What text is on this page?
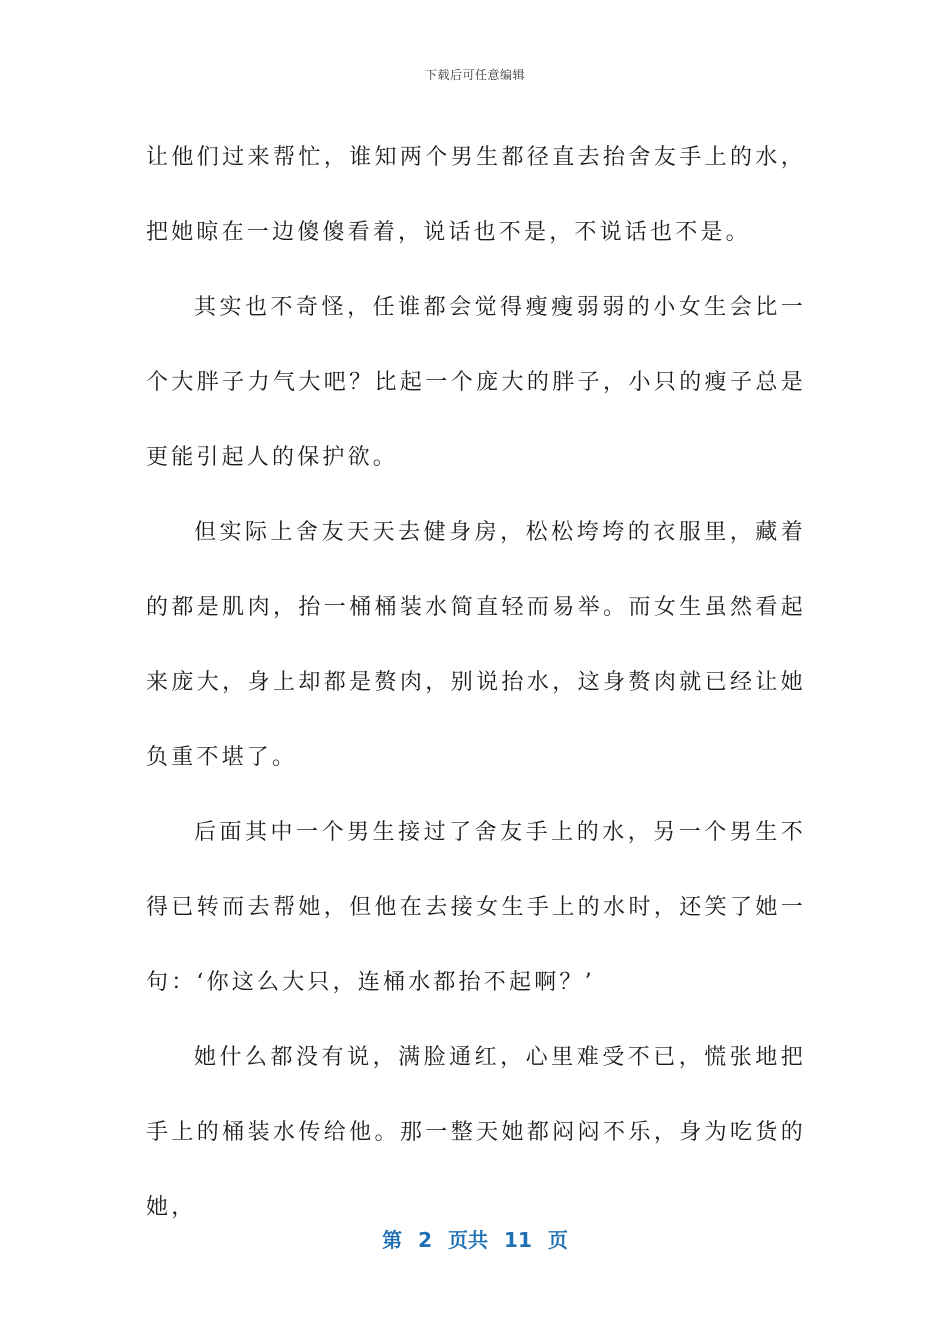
下载后可任意编辑

让他们过来帮忙，谁知两个男生都径直去抬舍友手上的水，把她晾在一边傻傻看着，说话也不是，不说话也不是。

其实也不奇怪，任谁都会觉得瘦瘦弱弱的小女生会比一个大胖子力气大吧？比起一个庞大的胖子，小只的瘦子总是更能引起人的保护欲。

但实际上舍友天天去健身房，松松垮垮的衣服里，藏着的都是肌肉，抬一桶桶装水简直轻而易举。而女生虽然看起来庞大，身上却都是赘肉，别说抬水，这身赘肉就已经让她负重不堪了。

后面其中一个男生接过了舍友手上的水，另一个男生不得已转而去帮她，但他在去接女生手上的水时，还笑了她一句：‘你这么大只，连桶水都抬不起啊？’

她什么都没有说，满脸通红，心里难受不已，慌张地把手上的桶装水传给他。那一整天她都闷闷不乐，身为吃货的她，

第 2 页共 11 页
